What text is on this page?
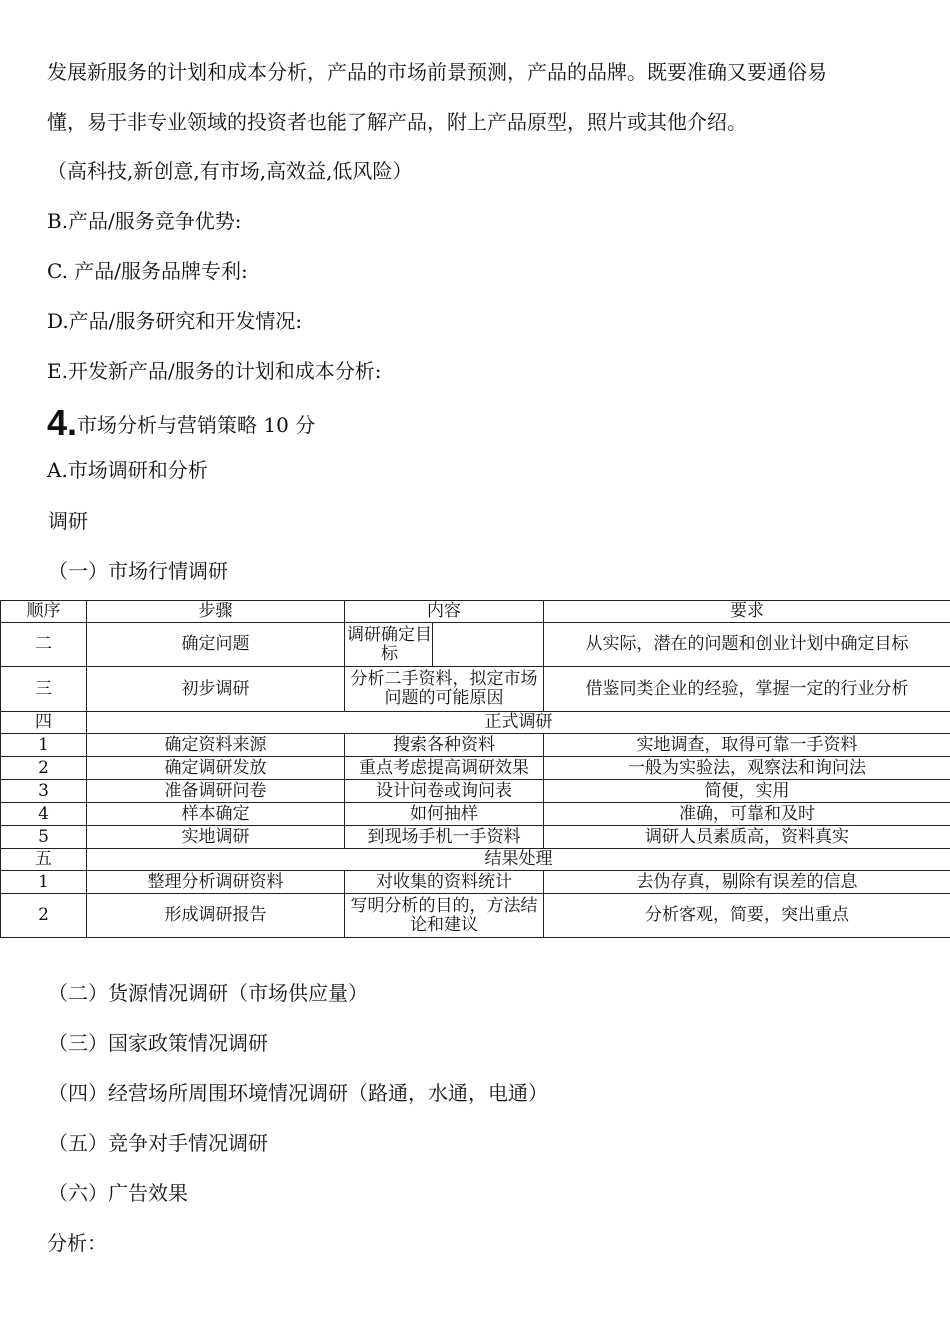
发展新服务的计划和成本分析，产品的市场前景预测，产品的品牌。既要准确又要通俗易

懂，易于非专业领域的投资者也能了解产品，附上产品原型，照片或其他介绍。

（高科技,新创意,有市场,高效益,低风险）

B.产品/服务竞争优势:

C. 产品/服务品牌专利:

D.产品/服务研究和开发情况:

E.开发新产品/服务的计划和成本分析:

4.市场分析与营销策略 10 分

A.市场调研和分析

调研

（一）市场行情调研

顺序	步骤	内容	要求
二	确定问题	调研确定目标	从实际，潜在的问题和创业计划中确定目标
三	初步调研	分析二手资料，拟定市场问题的可能原因	借鉴同类企业的经验，掌握一定的行业分析
四	正式调研		
1	确定资料来源	搜索各种资料	实地调查，取得可靠一手资料
2	确定调研发放	重点考虑提高调研效果	一般为实验法，观察法和询问法
3	准备调研问卷	设计问卷或询问表	简便，实用
4	样本确定	如何抽样	准确，可靠和及时
5	实地调研	到现场手机一手资料	调研人员素质高，资料真实
五	结果处理		
1	整理分析调研资料	对收集的资料统计	去伪存真，剔除有误差的信息
2	形成调研报告	写明分析的目的，方法结论和建议	分析客观，简要，突出重点

（二）货源情况调研（市场供应量）

（三）国家政策情况调研

（四）经营场所周围环境情况调研（路通，水通，电通）

（五）竞争对手情况调研

（六）广告效果

分析：
